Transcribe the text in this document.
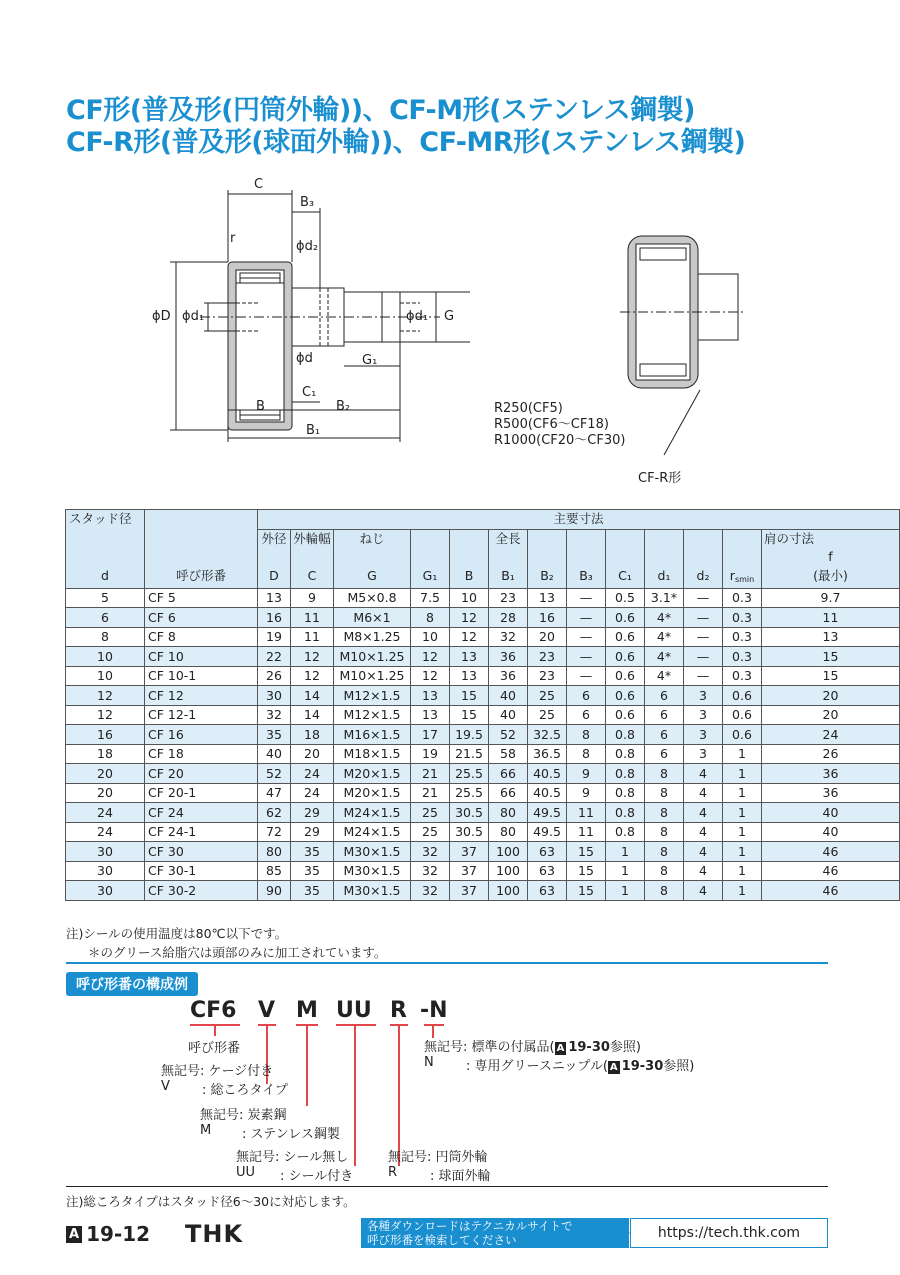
CF形(普及形(円筒外輪))、CF-M形(ステンレス鋼製)
CF-R形(普及形(球面外輪))、CF-MR形(ステンレス鋼製)
C
B₃
r
ϕd₂
ϕD ϕd₁	ϕd₁ G
ϕd	G₁
C₁
B	B₂
B₁
R250(CF5)
R500(CF6～CF18)
R1000(CF20～CF30)
CF-R形
スタッド径		主要寸法												
		外径	外輪幅	ねじ			全長							肩の寸法
														f
d	呼び形番	D	C	G	G₁	B	B₁	B₂	B₃	C₁	d₁	d₂	$r_{smin}$	(最小)
5	CF 5	13	9	M5×0.8	7.5	10	23	13	—	0.5	3.1*	—	0.3	9.7
6	CF 6	16	11	M6×1	8	12	28	16	—	0.6	4*	—	0.3	11
8	CF 8	19	11	M8×1.25	10	12	32	20	—	0.6	4*	—	0.3	13
10	CF 10	22	12	M10×1.25	12	13	36	23	—	0.6	4*	—	0.3	15
10	CF 10-1	26	12	M10×1.25	12	13	36	23	—	0.6	4*	—	0.3	15
12	CF 12	30	14	M12×1.5	13	15	40	25	6	0.6	6	3	0.6	20
12	CF 12-1	32	14	M12×1.5	13	15	40	25	6	0.6	6	3	0.6	20
16	CF 16	35	18	M16×1.5	17	19.5	52	32.5	8	0.8	6	3	0.6	24
18	CF 18	40	20	M18×1.5	19	21.5	58	36.5	8	0.8	6	3	1	26
20	CF 20	52	24	M20×1.5	21	25.5	66	40.5	9	0.8	8	4	1	36
20	CF 20-1	47	24	M20×1.5	21	25.5	66	40.5	9	0.8	8	4	1	36
24	CF 24	62	29	M24×1.5	25	30.5	80	49.5	11	0.8	8	4	1	40
24	CF 24-1	72	29	M24×1.5	25	30.5	80	49.5	11	0.8	8	4	1	40
30	CF 30	80	35	M30×1.5	32	37	100	63	15	1	8	4	1	46
30	CF 30-1	85	35	M30×1.5	32	37	100	63	15	1	8	4	1	46
30	CF 30-2	90	35	M30×1.5	32	37	100	63	15	1	8	4	1	46
注)シールの使用温度は80℃以下です。
＊のグリース給脂穴は頭部のみに加工されています。
呼び形番の構成例
CF6 V M UU R -N
呼び形番
無記号: ケージ付き
V : 総ころタイプ
無記号: 炭素鋼
M : ステンレス鋼製
無記号: シール無し
UU : シール付き
無記号: 円筒外輪
R	: 球面外輪
無記号: 標準の付属品( A 19-30参照)
N : 専用グリースニップル( A 19-30参照)
注)総ころタイプはスタッド径6～30に対応します。
A 19-12 THK	各種ダウンロードはテクニカルサイトで
呼び形番を検索してください	https://tech.thk.com
